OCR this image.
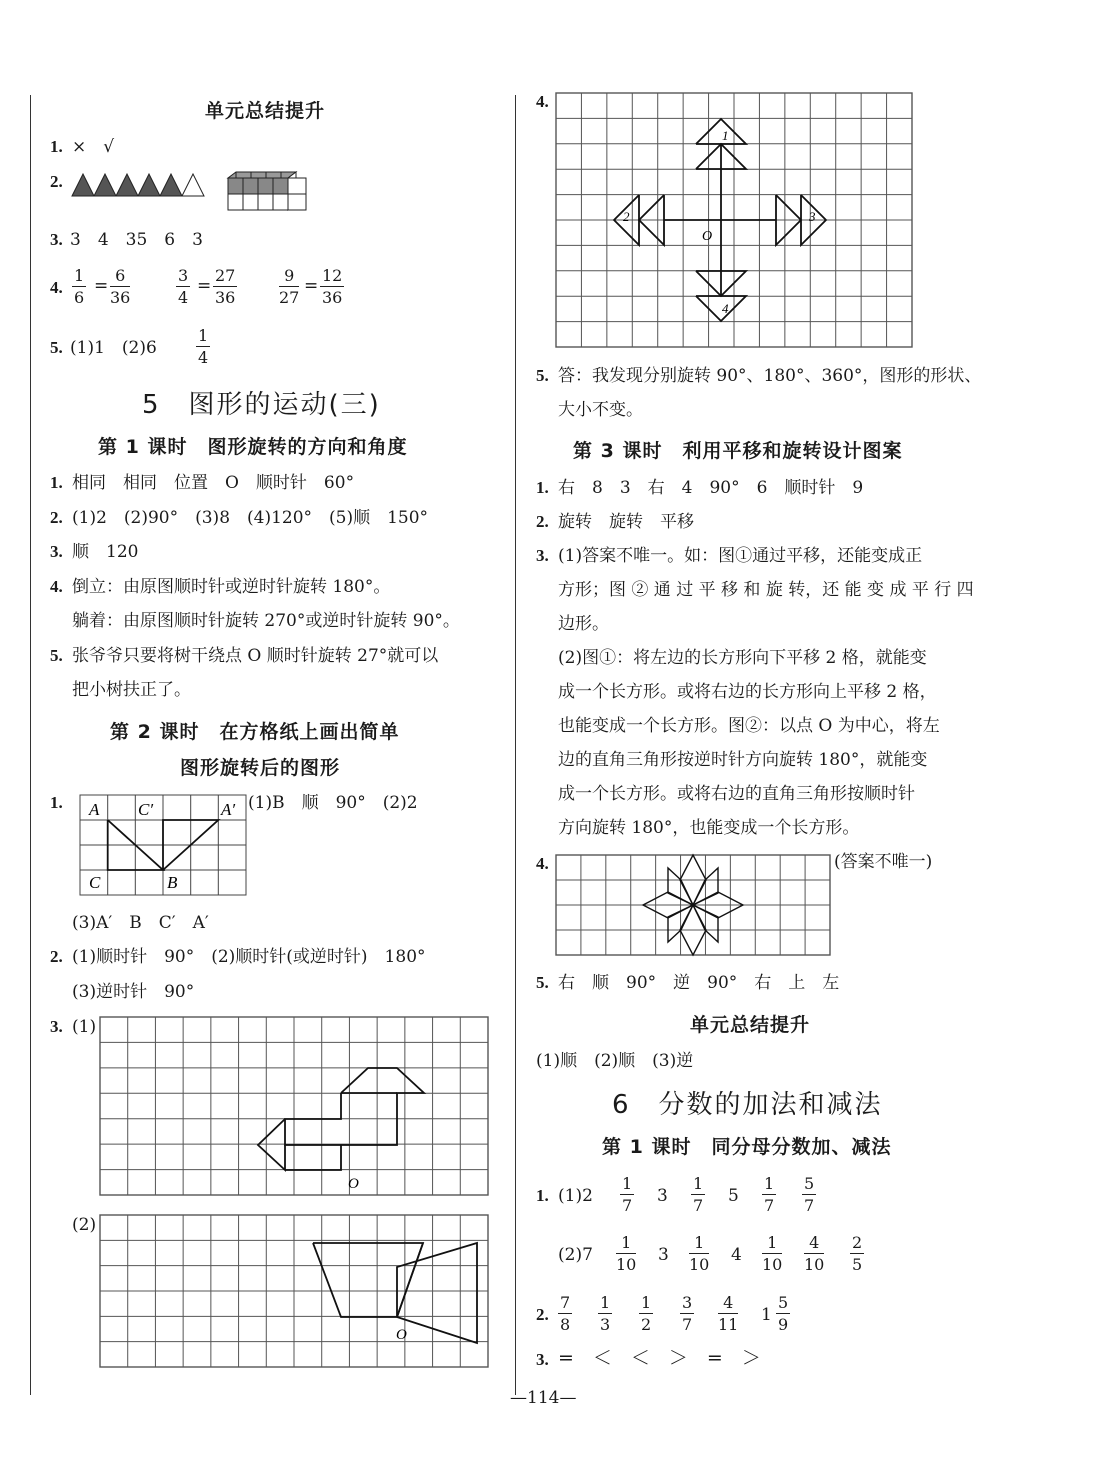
单元总结提升
1. ×　√
2.
3. 3　4　35　6　3
4.
1
6
=
6
36
3
4
=
27
36
9
27
=
12
36
5. (1)1　(2)6
1
4
5　图形的运动(三)
第 1 课时　图形旋转的方向和角度
1. 相同　相同　位置　O　顺时针　60°
2. (1)2　(2)90°　(3)8　(4)120°　(5)顺　150°
3. 顺　120
4. 倒立：由原图顺时针或逆时针旋转 180°。
躺着：由原图顺时针旋转 270°或逆时针旋转 90°。
5. 张爷爷只要将树干绕点 O 顺时针旋转 27°就可以
把小树扶正了。
第 2 课时　在方格纸上画出简单
图形旋转后的图形
1. A C′	A′
C	B
(1)B　顺　90°　(2)2
(3)A′　B　C′　A′
2. (1)顺时针　90°　(2)顺时针(或逆时针)　180°
(3)逆时针　90°
3. (1)
O
(2)
O
4.
1
2	3
4
O
5. 答：我发现分别旋转 90°、180°、360°，图形的形状、
大小不变。
第 3 课时　利用平移和旋转设计图案
1. 右　8　3　右　4　90°　6　顺时针　9
2. 旋转　旋转　平移
3. (1)答案不唯一。如：图①通过平移，还能变成正
方形；图 ② 通 过 平 移 和 旋 转，还 能 变 成 平 行 四
边形。
(2)图①：将左边的长方形向下平移 2 格，就能变
成一个长方形。或将右边的长方形向上平移 2 格，
也能变成一个长方形。图②：以点 O 为中心，将左
边的直角三角形按逆时针方向旋转 180°，就能变
成一个长方形。或将右边的直角三角形按顺时针
方向旋转 180°，也能变成一个长方形。
4.	(答案不唯一)
5. 右　顺　90°　逆　90°　右　上　左
单元总结提升
(1)顺　(2)顺　(3)逆
6　分数的加法和减法
第 1 课时　同分母分数加、减法
1. (1)2
1
7 3
1
7 5
1
7
5
7
(2)7
1
10 3
1
10 4
1
10
4
10
2
5
2.
7
8
1
3
1
2
3
7
4
11 1
5
9
3. =　＜　＜　＞　=　＞
—114—
